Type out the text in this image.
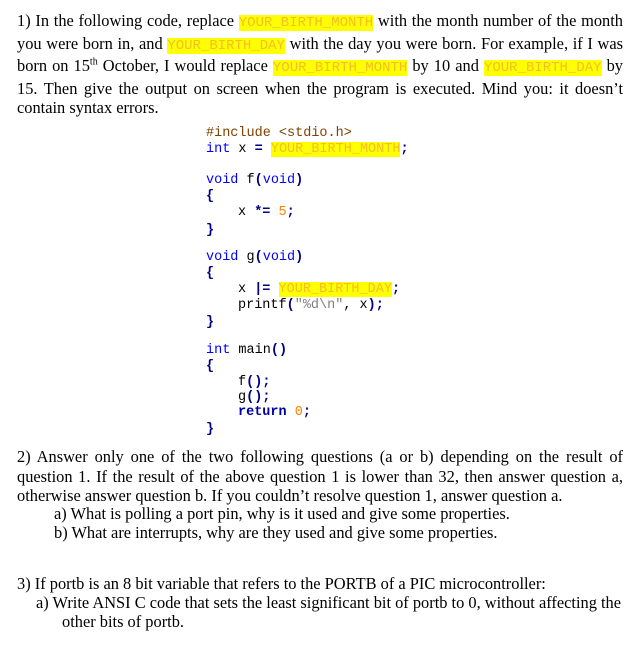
1) In the following code, replace YOUR_BIRTH_MONTH with the month number of the month you were born in, and YOUR_BIRTH_DAY with the day you were born. For example, if I was born on 15th October, I would replace YOUR_BIRTH_MONTH by 10 and YOUR_BIRTH_DAY by 15. Then give the output on screen when the program is executed. Mind you: it doesn’t contain syntax errors.

#include <stdio.h>

int x = YOUR_BIRTH_MONTH;

void f(void)

{

x *= 5;

}

void g(void)

{

x |= YOUR_BIRTH_DAY;

printf("%d\n", x);

}

int main()

{

f();

g();

return 0;

}

2) Answer only one of the two following questions (a or b) depending on the result of question 1. If the result of the above question 1 is lower than 32, then answer question a, otherwise answer question b. If you couldn’t resolve question 1, answer question a.
a) What is polling a port pin, why is it used and give some properties.
b) What are interrupts, why are they used and give some properties.
3) If portb is an 8 bit variable that refers to the PORTB of a PIC microcontroller:
a) Write ANSI C code that sets the least significant bit of portb to 0, without affecting the
other bits of portb.
